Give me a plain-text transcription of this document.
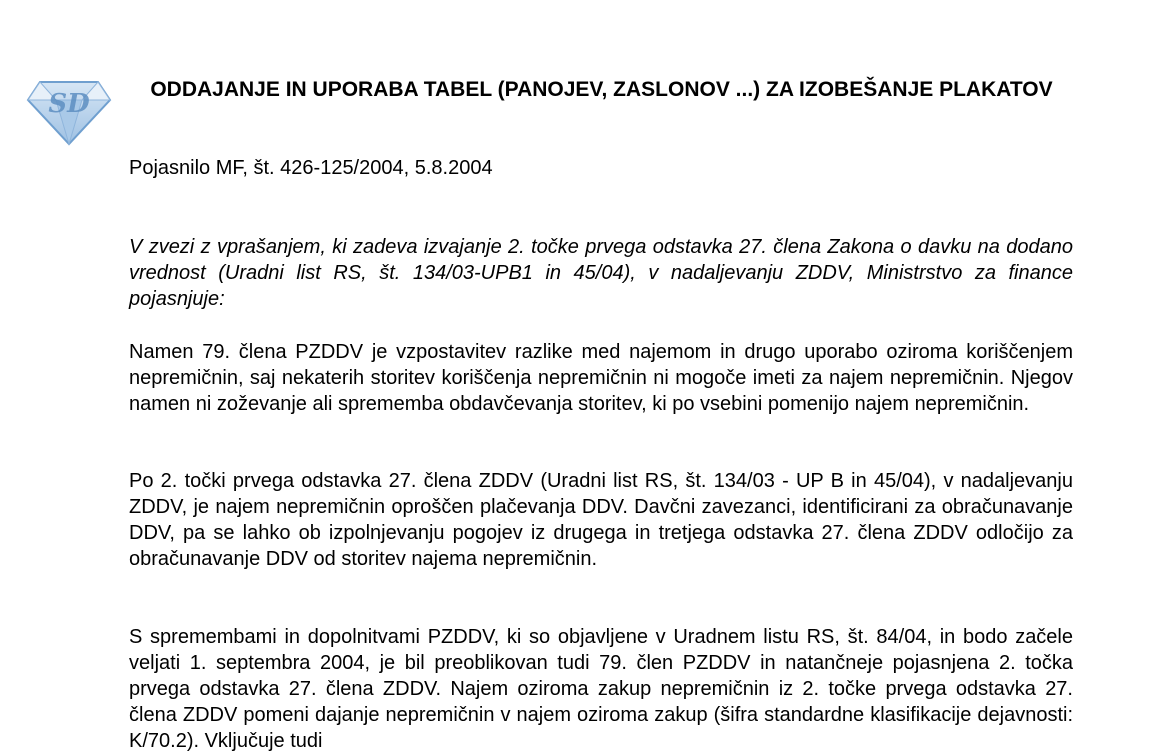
SD	ODDAJANJE IN UPORABA TABEL (PANOJEV, ZASLONOV ...) ZA IZOBEŠANJE PLAKATOV

Pojasnilo MF, št. 426-125/2004, 5.8.2004

V zvezi z vprašanjem, ki zadeva izvajanje 2. točke prvega odstavka 27. člena Zakona o davku na dodano vrednost (Uradni list RS, št. 134/03-UPB1 in 45/04), v nadaljevanju ZDDV, Ministrstvo za finance pojasnjuje:

Namen 79. člena PZDDV je vzpostavitev razlike med najemom in drugo uporabo oziroma koriščenjem nepremičnin, saj nekaterih storitev koriščenja nepremičnin ni mogoče imeti za najem nepremičnin. Njegov namen ni zoževanje ali sprememba obdavčevanja storitev, ki po vsebini pomenijo najem nepremičnin.

Po 2. točki prvega odstavka 27. člena ZDDV (Uradni list RS, št. 134/03 - UP B in 45/04), v nadaljevanju ZDDV, je najem nepremičnin oproščen plačevanja DDV. Davčni zavezanci, identificirani za obračunavanje DDV, pa se lahko ob izpolnjevanju pogojev iz drugega in tretjega odstavka 27. člena ZDDV odločijo za obračunavanje DDV od storitev najema nepremičnin.

S spremembami in dopolnitvami PZDDV, ki so objavljene v Uradnem listu RS, št. 84/04, in bodo začele veljati 1. septembra 2004, je bil preoblikovan tudi 79. člen PZDDV in natančneje pojasnjena 2. točka prvega odstavka 27. člena ZDDV. Najem oziroma zakup nepremičnin iz 2. točke prvega odstavka 27. člena ZDDV pomeni dajanje nepremičnin v najem oziroma zakup (šifra standardne klasifikacije dejavnosti: K/70.2). Vključuje tudi
